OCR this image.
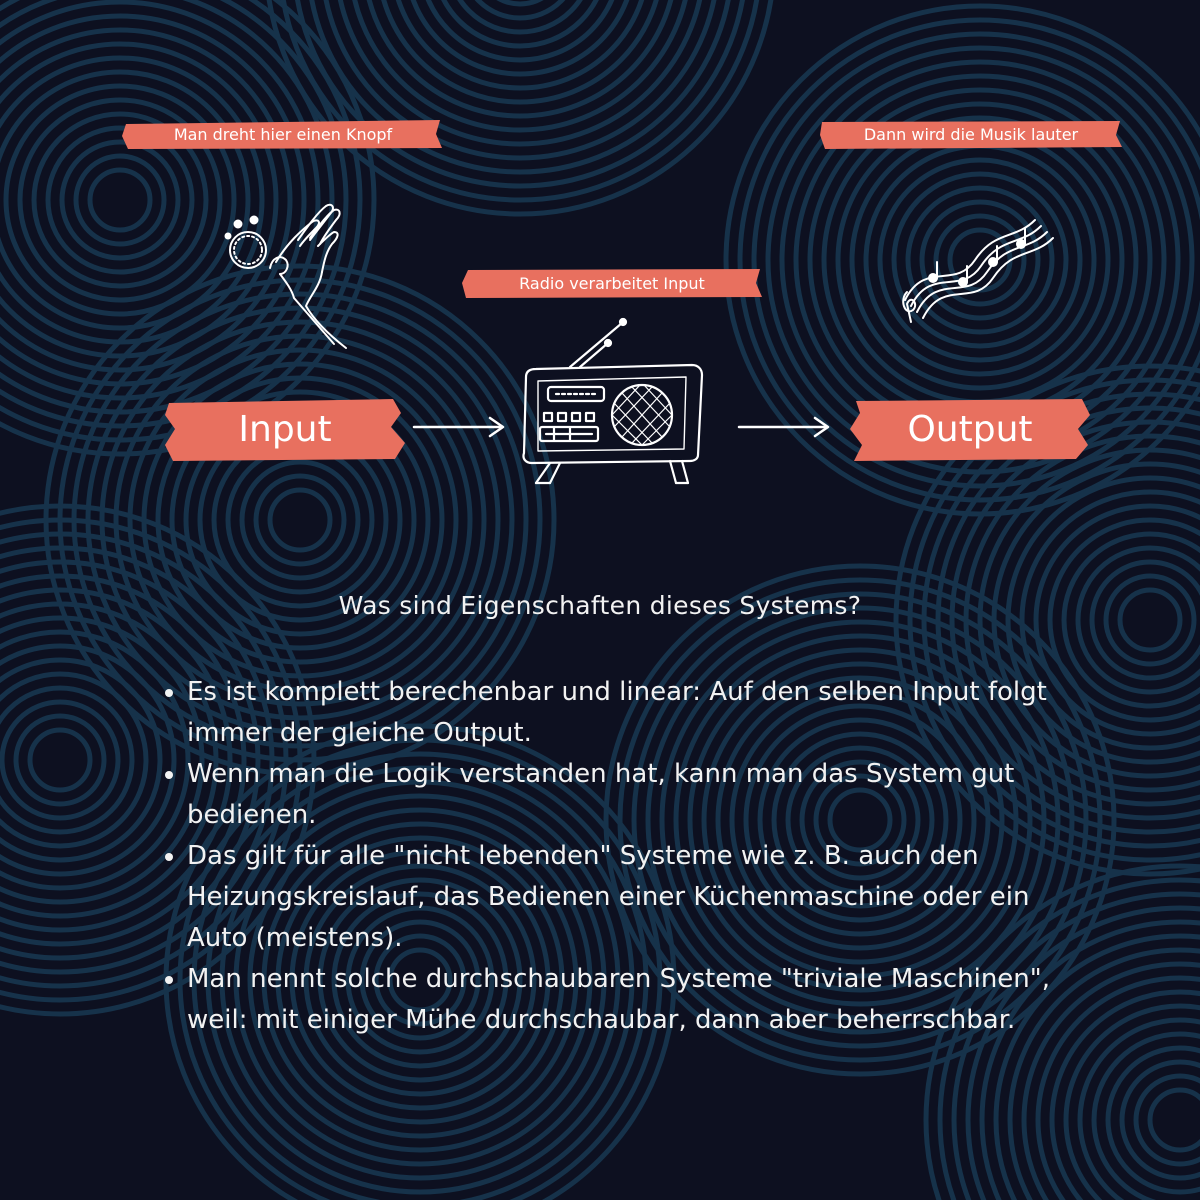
Man dreht hier einen Knopf	Dann wird die Musik lauter
Radio verarbeitet Input
Input	Output
Was sind Eigenschaften dieses Systems?
• Es ist komplett berechenbar und linear: Auf den selben Input folgt immer der gleiche Output.
• Wenn man die Logik verstanden hat, kann man das System gut bedienen.
• Das gilt für alle "nicht lebenden" Systeme wie z. B. auch den Heizungskreislauf, das Bedienen einer Küchenmaschine oder ein Auto (meistens).
• Man nennt solche durchschaubaren Systeme "triviale Maschinen", weil: mit einiger Mühe durchschaubar, dann aber beherrschbar.
